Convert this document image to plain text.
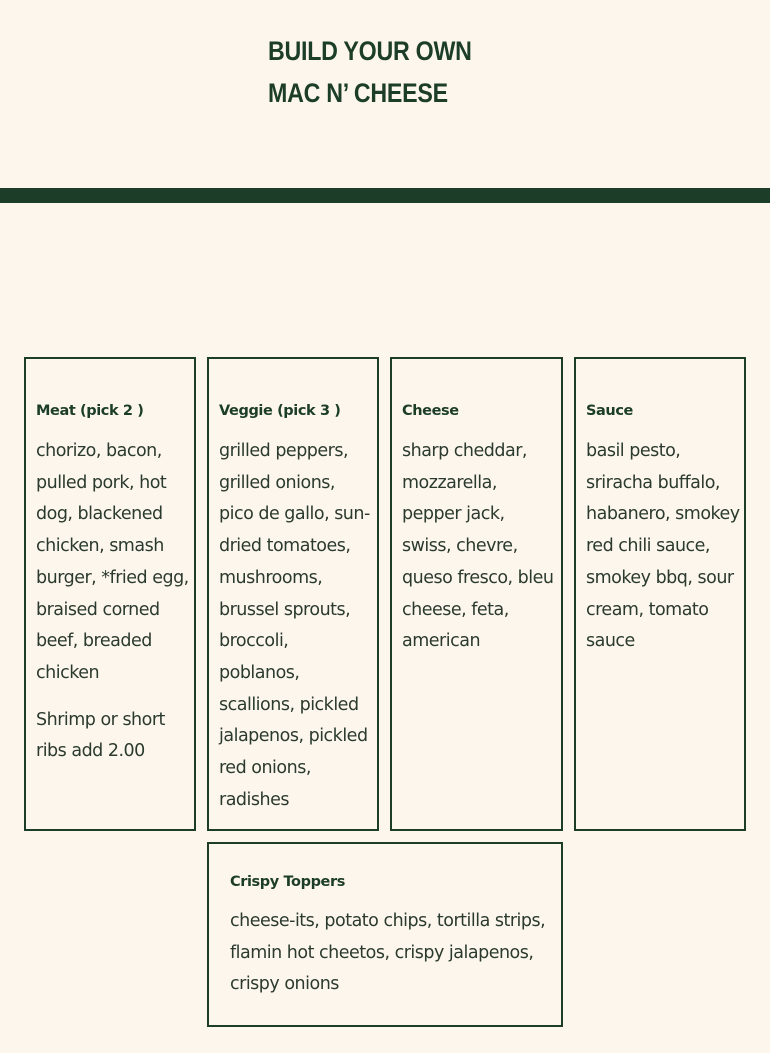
BUILD YOUR OWN MAC N’ CHEESE

Meat (pick 2 )

chorizo, bacon, pulled pork, hot dog, blackened chicken, smash burger, *fried egg, braised corned beef, breaded chicken

Shrimp or short ribs add 2.00

Veggie (pick 3 )

grilled peppers, grilled onions, pico de gallo, sun-dried tomatoes, mushrooms, brussel sprouts, broccoli, poblanos, scallions, pickled jalapenos, pickled red onions, radishes

Cheese

sharp cheddar, mozzarella, pepper jack, swiss, chevre, queso fresco, bleu cheese, feta, american

Sauce

basil pesto, sriracha buffalo, habanero, smokey red chili sauce, smokey bbq, sour cream, tomato sauce

Crispy Toppers

cheese-its, potato chips, tortilla strips, flamin hot cheetos, crispy jalapenos, crispy onions
